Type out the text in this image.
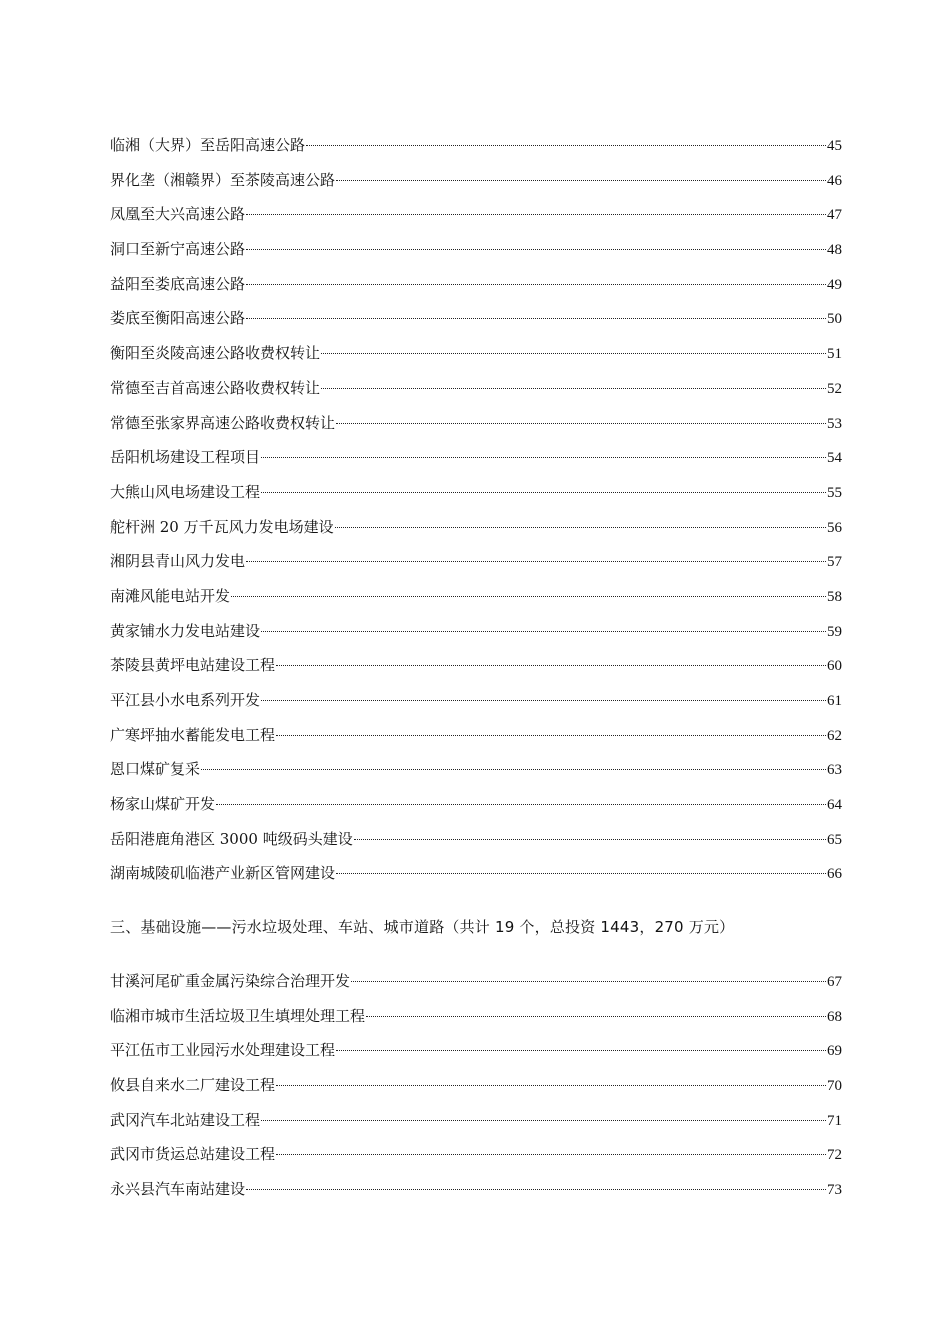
临湘（大界）至岳阳高速公路	45
界化垄（湘赣界）至茶陵高速公路	46
凤凰至大兴高速公路	47
洞口至新宁高速公路	48
益阳至娄底高速公路	49
娄底至衡阳高速公路	50
衡阳至炎陵高速公路收费权转让	51
常德至吉首高速公路收费权转让	52
常德至张家界高速公路收费权转让	53
岳阳机场建设工程项目	54
大熊山风电场建设工程	55
舵杆洲 20 万千瓦风力发电场建设	56
湘阴县青山风力发电	57
南滩风能电站开发	58
黄家铺水力发电站建设	59
茶陵县黄坪电站建设工程	60
平江县小水电系列开发	61
广寒坪抽水蓄能发电工程	62
恩口煤矿复采	63
杨家山煤矿开发	64
岳阳港鹿角港区 3000 吨级码头建设	65
湖南城陵矶临港产业新区管网建设	66
三、基础设施——污水垃圾处理、车站、城市道路（共计 19 个，总投资 1443，270 万元）
甘溪河尾矿重金属污染综合治理开发	67
临湘市城市生活垃圾卫生填埋处理工程	68
平江伍市工业园污水处理建设工程	69
攸县自来水二厂建设工程	70
武冈汽车北站建设工程	71
武冈市货运总站建设工程	72
永兴县汽车南站建设	73
